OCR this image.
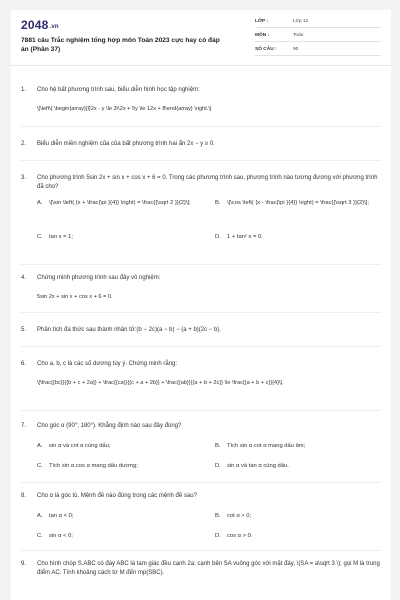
2048.vn
7881 câu Trắc nghiệm tổng hợp môn Toán 2023 cực hay có đáp án (Phần 37)
LỚP :	Lớp 12
MÔN :	Toán
SỐ CÂU :	90
1.	Cho hệ bất phương trình sau, biểu diễn hình học tập nghiệm:
\[\left\{ \begin{array}{l}2x - y \le 3\\2x + 5y \le 12x + 8\end{array} \right.\]
2.	Biểu diễn miền nghiệm của của bất phương trình hai ẩn 2x − y ≥ 0.
3.	Cho phương trình 5sin 2x + sin x + cos x + 6 = 0. Trong các phương trình sau, phương trình nào tương đương với phương trình đã cho?
A.	\[\sin \left( {x + \frac{\pi }{4}} \right) = \frac{{\sqrt 2 }}{2}\];	B.	\[\cos \left( {x - \frac{\pi }{4}} \right) = \frac{{\sqrt 3 }}{2}\];
C.	tan x = 1;	D.	1 + tan² x = 0.
4.	Chứng minh phương trình sau đây vô nghiệm:
5sin 2x + sin x + cos x + 6 = 0.
5.	Phân tích đa thức sau thành nhân tử:(b − 2c)(a − b) − (a + b)(2c − b).
6.	Cho a, b, c là các số dương tùy ý. Chứng minh rằng:
\[\frac{{bc}}{{b + c + 2a}} + \frac{{ca}}{{c + a + 2b}} + \frac{{ab}}{{a + b + 2c}} \le \frac{{a + b + c}}{4}\].
7.	Cho góc α (90°; 180°). Khẳng định nào sau đây đúng?
A.	sin α và cot α cùng dấu;	B.	Tích sin α.cot α mang dấu âm;
C.	Tích sin α.cos α mang dấu dương;	D.	sin α và tan α cùng dấu.
8.	Cho α là góc tù. Mệnh đề nào đúng trong các mệnh đề sau?
A.	tan α < 0;	B.	cot α > 0;
C.	sin α < 0;	D.	cos α > 0.
9.	Cho hình chóp S.ABC có đáy ABC là tam giác đều cạnh 2a; cạnh bên SA vuông góc với mặt đáy, \(SA = a\sqrt 3 \); gọi M là trung điểm AC. Tính khoảng cách từ M đến mp(SBC).
